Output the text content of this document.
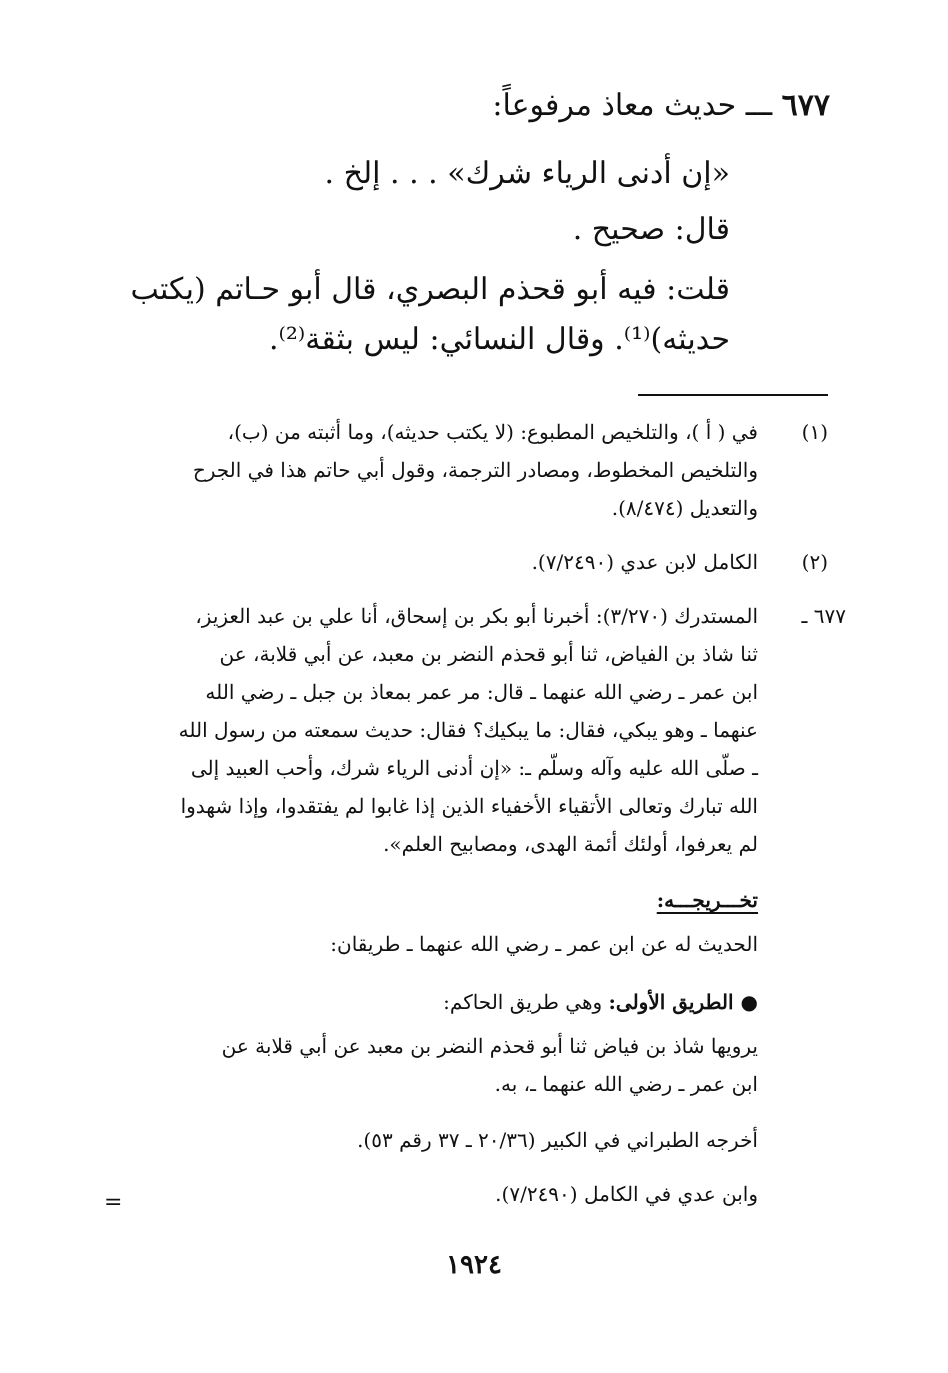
٦٧٧ ـــ حديث معاذ مرفوعاً:
«إن أدنى الرياء شرك» . . . إلخ .
قال: صحيح .
قلت: فيه أبو قحذم البصري، قال أبو حـاتم (يكتب
حديثه)⁽¹⁾. وقال النسائي: ليس بثقة⁽²⁾.
(١)
في ( أ )، والتلخيص المطبوع: (لا يكتب حديثه)، وما أثبته من (ب)،
والتلخيص المخطوط، ومصادر الترجمة، وقول أبي حاتم هذا في الجرح
والتعديل (٨/٤٧٤).
(٢)
الكامل لابن عدي (٧/٢٤٩٠).
٦٧٧ ـ
المستدرك (٣/٢٧٠): أخبرنا أبو بكر بن إسحاق، أنا علي بن عبد العزيز،
ثنا شاذ بن الفياض، ثنا أبو قحذم النضر بن معبد، عن أبي قلابة، عن
ابن عمر ـ رضي الله عنهما ـ قال: مر عمر بمعاذ بن جبل ـ رضي الله
عنهما ـ وهو يبكي، فقال: ما يبكيك؟ فقال: حديث سمعته من رسول الله
ـ صلّى الله عليه وآله وسلّم ـ: «إن أدنى الرياء شرك، وأحب العبيد إلى
الله تبارك وتعالى الأتقياء الأخفياء الذين إذا غابوا لم يفتقدوا، وإذا شهدوا
لم يعرفوا، أولئك أئمة الهدى، ومصابيح العلم».
تخـــريجـــه:
الحديث له عن ابن عمر ـ رضي الله عنهما ـ طريقان:
● الطريق الأولى: وهي طريق الحاكم:
يرويها شاذ بن فياض ثنا أبو قحذم النضر بن معبد عن أبي قلابة عن
ابن عمر ـ رضي الله عنهما ـ، به.
أخرجه الطبراني في الكبير (٢٠/٣٦ ـ ٣٧ رقم ٥٣).
وابن عدي في الكامل (٧/٢٤٩٠).
=
١٩٢٤
